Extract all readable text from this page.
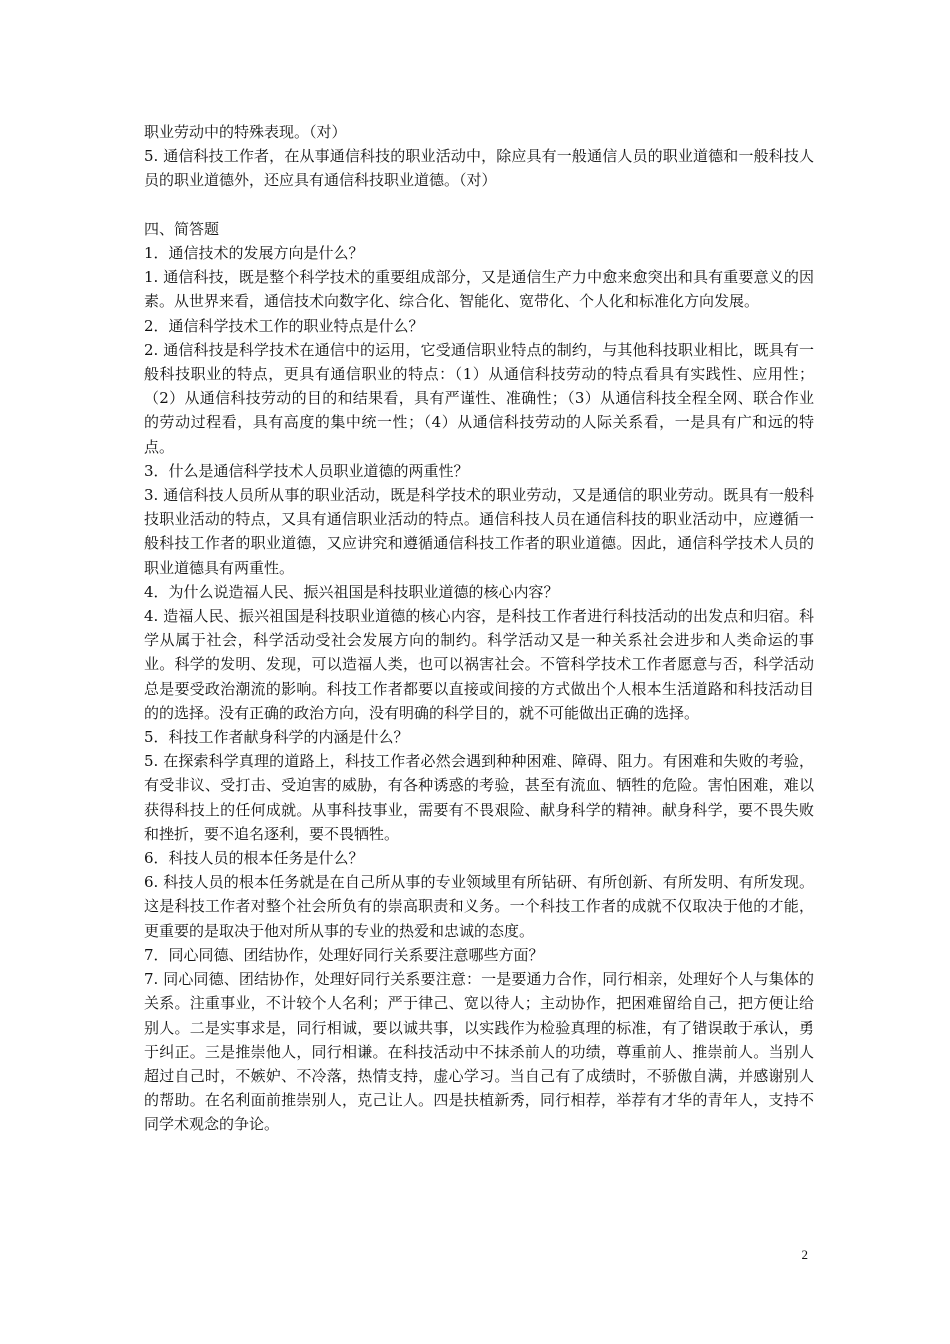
职业劳动中的特殊表现。（对）

5. 通信科技工作者，在从事通信科技的职业活动中，除应具有一般通信人员的职业道德和一般科技人员的职业道德外，还应具有通信科技职业道德。（对）

四、简答题

1．通信技术的发展方向是什么？

1. 通信科技，既是整个科学技术的重要组成部分，又是通信生产力中愈来愈突出和具有重要意义的因素。从世界来看，通信技术向数字化、综合化、智能化、宽带化、个人化和标准化方向发展。

2．通信科学技术工作的职业特点是什么？

2. 通信科技是科学技术在通信中的运用，它受通信职业特点的制约，与其他科技职业相比，既具有一般科技职业的特点，更具有通信职业的特点：（1）从通信科技劳动的特点看具有实践性、应用性；（2）从通信科技劳动的目的和结果看，具有严谨性、准确性；（3）从通信科技全程全网、联合作业的劳动过程看，具有高度的集中统一性；（4）从通信科技劳动的人际关系看，一是具有广和远的特点。

3．什么是通信科学技术人员职业道德的两重性？

3. 通信科技人员所从事的职业活动，既是科学技术的职业劳动，又是通信的职业劳动。既具有一般科技职业活动的特点，又具有通信职业活动的特点。通信科技人员在通信科技的职业活动中，应遵循一般科技工作者的职业道德，又应讲究和遵循通信科技工作者的职业道德。因此，通信科学技术人员的职业道德具有两重性。

4．为什么说造福人民、振兴祖国是科技职业道德的核心内容？

4. 造福人民、振兴祖国是科技职业道德的核心内容，是科技工作者进行科技活动的出发点和归宿。科学从属于社会，科学活动受社会发展方向的制约。科学活动又是一种关系社会进步和人类命运的事业。科学的发明、发现，可以造福人类，也可以祸害社会。不管科学技术工作者愿意与否，科学活动总是要受政治潮流的影响。科技工作者都要以直接或间接的方式做出个人根本生活道路和科技活动目的的选择。没有正确的政治方向，没有明确的科学目的，就不可能做出正确的选择。

5．科技工作者献身科学的内涵是什么？

5. 在探索科学真理的道路上，科技工作者必然会遇到种种困难、障碍、阻力。有困难和失败的考验，有受非议、受打击、受迫害的威胁，有各种诱惑的考验，甚至有流血、牺牲的危险。害怕困难，难以获得科技上的任何成就。从事科技事业，需要有不畏艰险、献身科学的精神。献身科学，要不畏失败和挫折，要不追名逐利，要不畏牺牲。

6．科技人员的根本任务是什么？

6. 科技人员的根本任务就是在自己所从事的专业领域里有所钻研、有所创新、有所发明、有所发现。这是科技工作者对整个社会所负有的崇高职责和义务。一个科技工作者的成就不仅取决于他的才能，更重要的是取决于他对所从事的专业的热爱和忠诚的态度。

7．同心同德、团结协作，处理好同行关系要注意哪些方面？

7. 同心同德、团结协作，处理好同行关系要注意：一是要通力合作，同行相亲，处理好个人与集体的关系。注重事业，不计较个人名利；严于律己、宽以待人；主动协作，把困难留给自己，把方便让给别人。二是实事求是，同行相诚，要以诚共事，以实践作为检验真理的标准，有了错误敢于承认，勇于纠正。三是推崇他人，同行相谦。在科技活动中不抹杀前人的功绩，尊重前人、推崇前人。当别人超过自己时，不嫉妒、不冷落，热情支持，虚心学习。当自己有了成绩时，不骄傲自满，并感谢别人的帮助。在名利面前推崇别人，克己让人。四是扶植新秀，同行相荐，举荐有才华的青年人，支持不同学术观念的争论。

2
